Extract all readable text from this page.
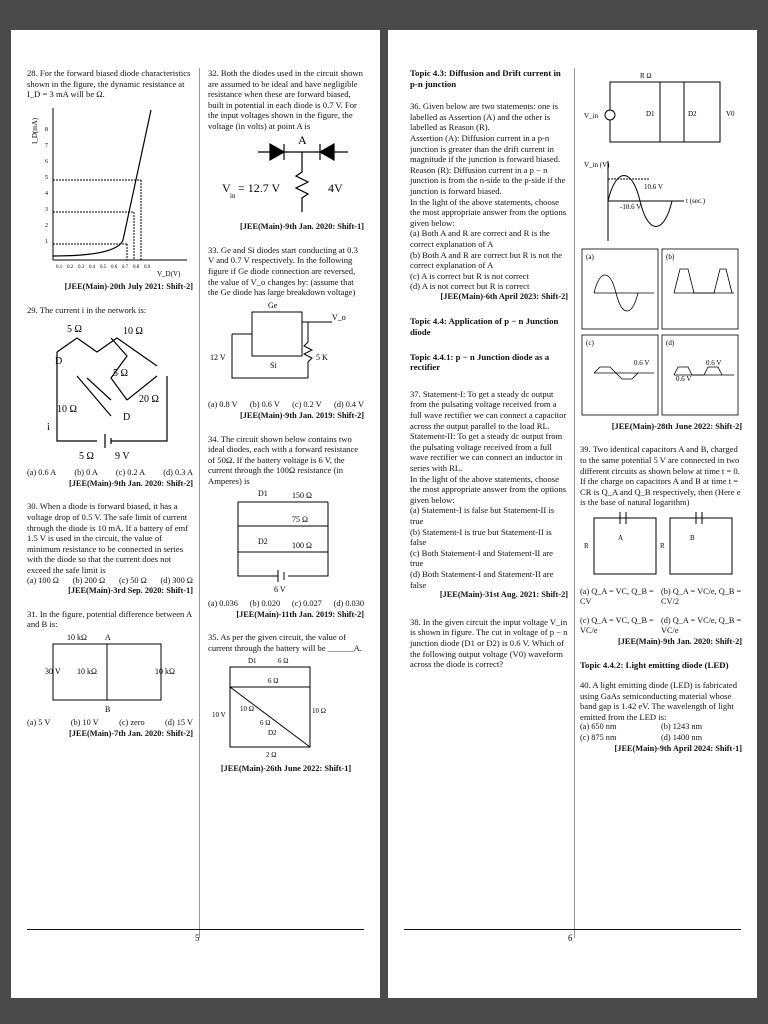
28. For the forward biased diode characteristics shown in the figure, the dynamic resistance at I_D = 3 mA will be Ω.

I_D(mA)
1
2
3
4
5
6
7
8
0.1 0.2 0.3 0.4 0.5 0.6 0.7 0.8 0.9
V_D(V)

[JEE(Main)-20th July 2021: Shift-2]

29. The current i in the network is:

5 Ω	10 Ω
5 Ω
20 Ω
10 Ω
D
D
i
5 Ω 9 V
(a) 0.6 A (b) 0 A (c) 0.2 A (d) 0.3 A

[JEE(Main)-9th Jan. 2020: Shift-2]

30. When a diode is forward biased, it has a voltage drop of 0.5 V. The safe limit of current through the diode is 10 mA. If a battery of emf 1.5 V is used in the circuit, the value of minimum resistance to be connected in series with the diode so that the current does not exceed the safe limit is

(a) 100 Ω (b) 200 Ω (c) 50 Ω (d) 300 Ω

[JEE(Main)-3rd Sep. 2020: Shift-1]

31. In the figure, potential difference between A and B is:

10 kΩ A
30 V 10 kΩ	10 kΩ
B
(a) 5 V (b) 10 V (c) zero (d) 15 V

[JEE(Main)-7th Jan. 2020: Shift-2]

32. Both the diodes used in the circuit shown are assumed to be ideal and have negligible resistance when these are forward biased, built in potential in each diode is 0.7 V. For the input voltages shown in the figure, the voltage (in volts) at point A is

A
V
in
= 12.7 V	4V

[JEE(Main)-9th Jan. 2020: Shift-1]

33. Ge and Si diodes start conducting at 0.3 V and 0.7 V respectively. In the following figure if Ge diode connection are reversed, the value of V_o changes by: (assume that the Ge diode has large breakdown voltage)

Ge
Si
12 V	5 K
V_o
(a) 0.8 V (b) 0.6 V (c) 0.2 V (d) 0.4 V

[JEE(Main)-9th Jan. 2019: Shift-2]

34. The circuit shown below contains two ideal diodes, each with a forward resistance of 50Ω. If the battery voltage is 6 V, the current through the 100Ω resistance (in Amperes) is

D1	150 Ω
75 Ω
D2	100 Ω
6 V
(a) 0.036 (b) 0.020 (c) 0.027 (d) 0.030

[JEE(Main)-11th Jan. 2019: Shift-2]

35. As per the given circuit, the value of current through the battery will be ______A.

D1	6 Ω
6 Ω
10 V
10 Ω
6 Ω
D2
10 Ω
2 Ω

[JEE(Main)-26th June 2022: Shift-1]

5

Topic 4.3: Diffusion and Drift current in p-n junction

36. Given below are two statements: one is labelled as Assertion (A) and the other is labelled as Reason (R).

Assertion (A): Diffusion current in a p-n junction is greater than the drift current in magnitude if the junction is forward biased.

Reason (R): Diffusion current in a p − n junction is from the n-side to the p-side if the junction is forward biased.

In the light of the above statements, choose the most appropriate answer from the options given below:

(a) Both A and R are correct and R is the correct explanation of A

(b) Both A and R are correct but R is not the correct explanation of A

(c) A is correct but R is not correct

(d) A is not correct but R is correct

[JEE(Main)-6th April 2023: Shift-2]

Topic 4.4: Application of p − n Junction diode

Topic 4.4.1: p − n Junction diode as a rectifier

37. Statement-I: To get a steady dc output from the pulsating voltage received from a full wave rectifier we can connect a capacitor across the output parallel to the load RL.

Statement-II: To get a steady dc output from the pulsating voltage received from a full wave rectifier we can connect an inductor in series with RL.

In the light of the above statements, choose the most appropriate answer from the options given below:

(a) Statement-I is false but Statement-II is true

(b) Statement-I is true but Statement-II is false

(c) Both Statement-I and Statement-II are true

(d) Both Statement-I and Statement-II are false

[JEE(Main)-31st Aug. 2021: Shift-2]

38. In the given circuit the input voltage V_in is shown in figure. The cut in voltage of p − n junction diode (D1 or D2) is 0.6 V. Which of the following output voltage (V0) waveform across the diode is correct?

R Ω
V_in	D1	D2	V0

V_in (V)
10.6 V
t (sec.)
-10.6 V

(a)	(b)
(c)	(d)
0.6 V
0.6 V
0.6 V

[JEE(Main)-28th June 2022: Shift-2]

39. Two identical capacitors A and B, charged to the same potential 5 V are connected in two different circuits as shown below at time t = 0. If the charge on capacitors A and B at time t = CR is Q_A and Q_B respectively, then (Here e is the base of natural logarithm)

A
R
B
R
(a) Q_A = VC, Q_B = CV
(b) Q_A = VC/e, Q_B = CV/2
(c) Q_A = VC, Q_B = VC/e
(d) Q_A = VC/e, Q_B = VC/e

[JEE(Main)-9th Jan. 2020: Shift-2]

Topic 4.4.2: Light emitting diode (LED)

40. A light emitting diode (LED) is fabricated using GaAs semiconducting material whose band gap is 1.42 eV. The wavelength of light emitted from the LED is:

(a) 650 nm	(b) 1243 nm
(c) 875 nm	(d) 1400 nm

[JEE(Main)-9th April 2024: Shift-1]

6
